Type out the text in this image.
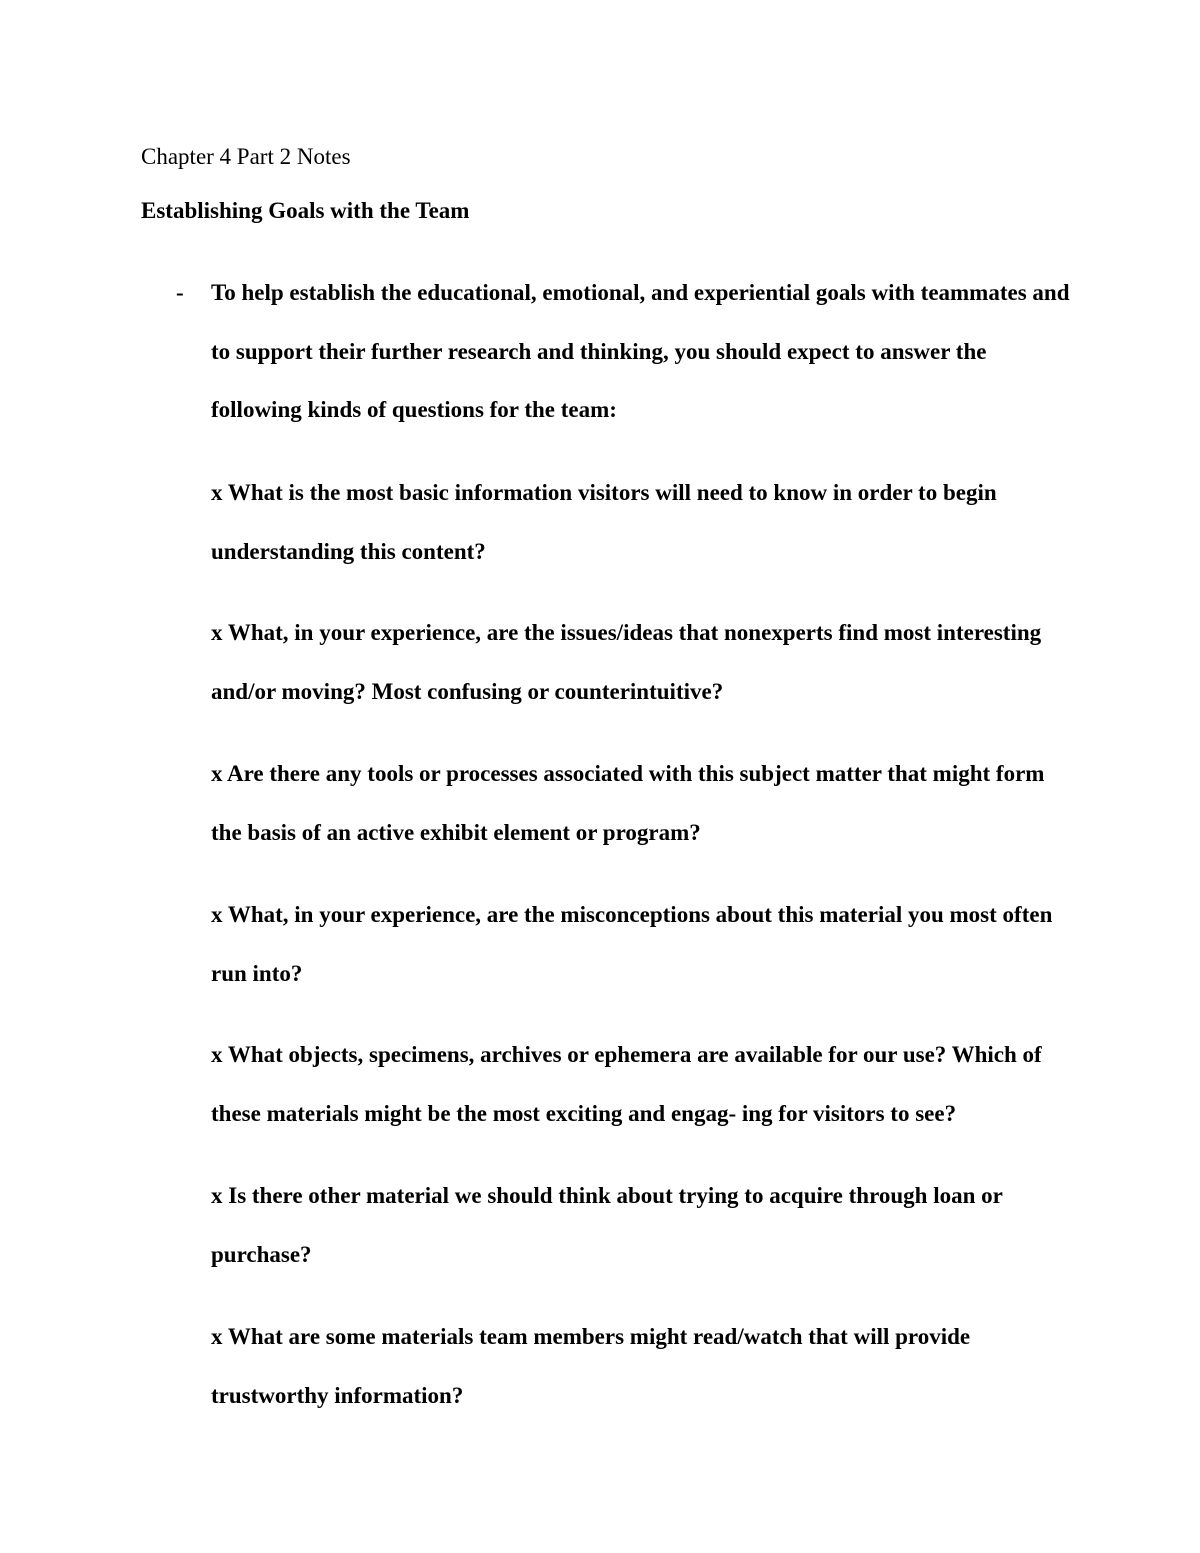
Chapter 4 Part 2 Notes

Establishing Goals with the Team

- To help establish the educational, emotional, and experiential goals with teammates and to support their further research and thinking, you should expect to answer the following kinds of questions for the team:

x What is the most basic information visitors will need to know in order to begin understanding this content?

x What, in your experience, are the issues/ideas that nonexperts find most interesting and/or moving? Most confusing or counterintuitive?

x Are there any tools or processes associated with this subject matter that might form the basis of an active exhibit element or program?

x What, in your experience, are the misconceptions about this material you most often run into?

x What objects, specimens, archives or ephemera are available for our use? Which of these materials might be the most exciting and engag- ing for visitors to see?

x Is there other material we should think about trying to acquire through loan or purchase?

x What are some materials team members might read/watch that will provide trustworthy information?
